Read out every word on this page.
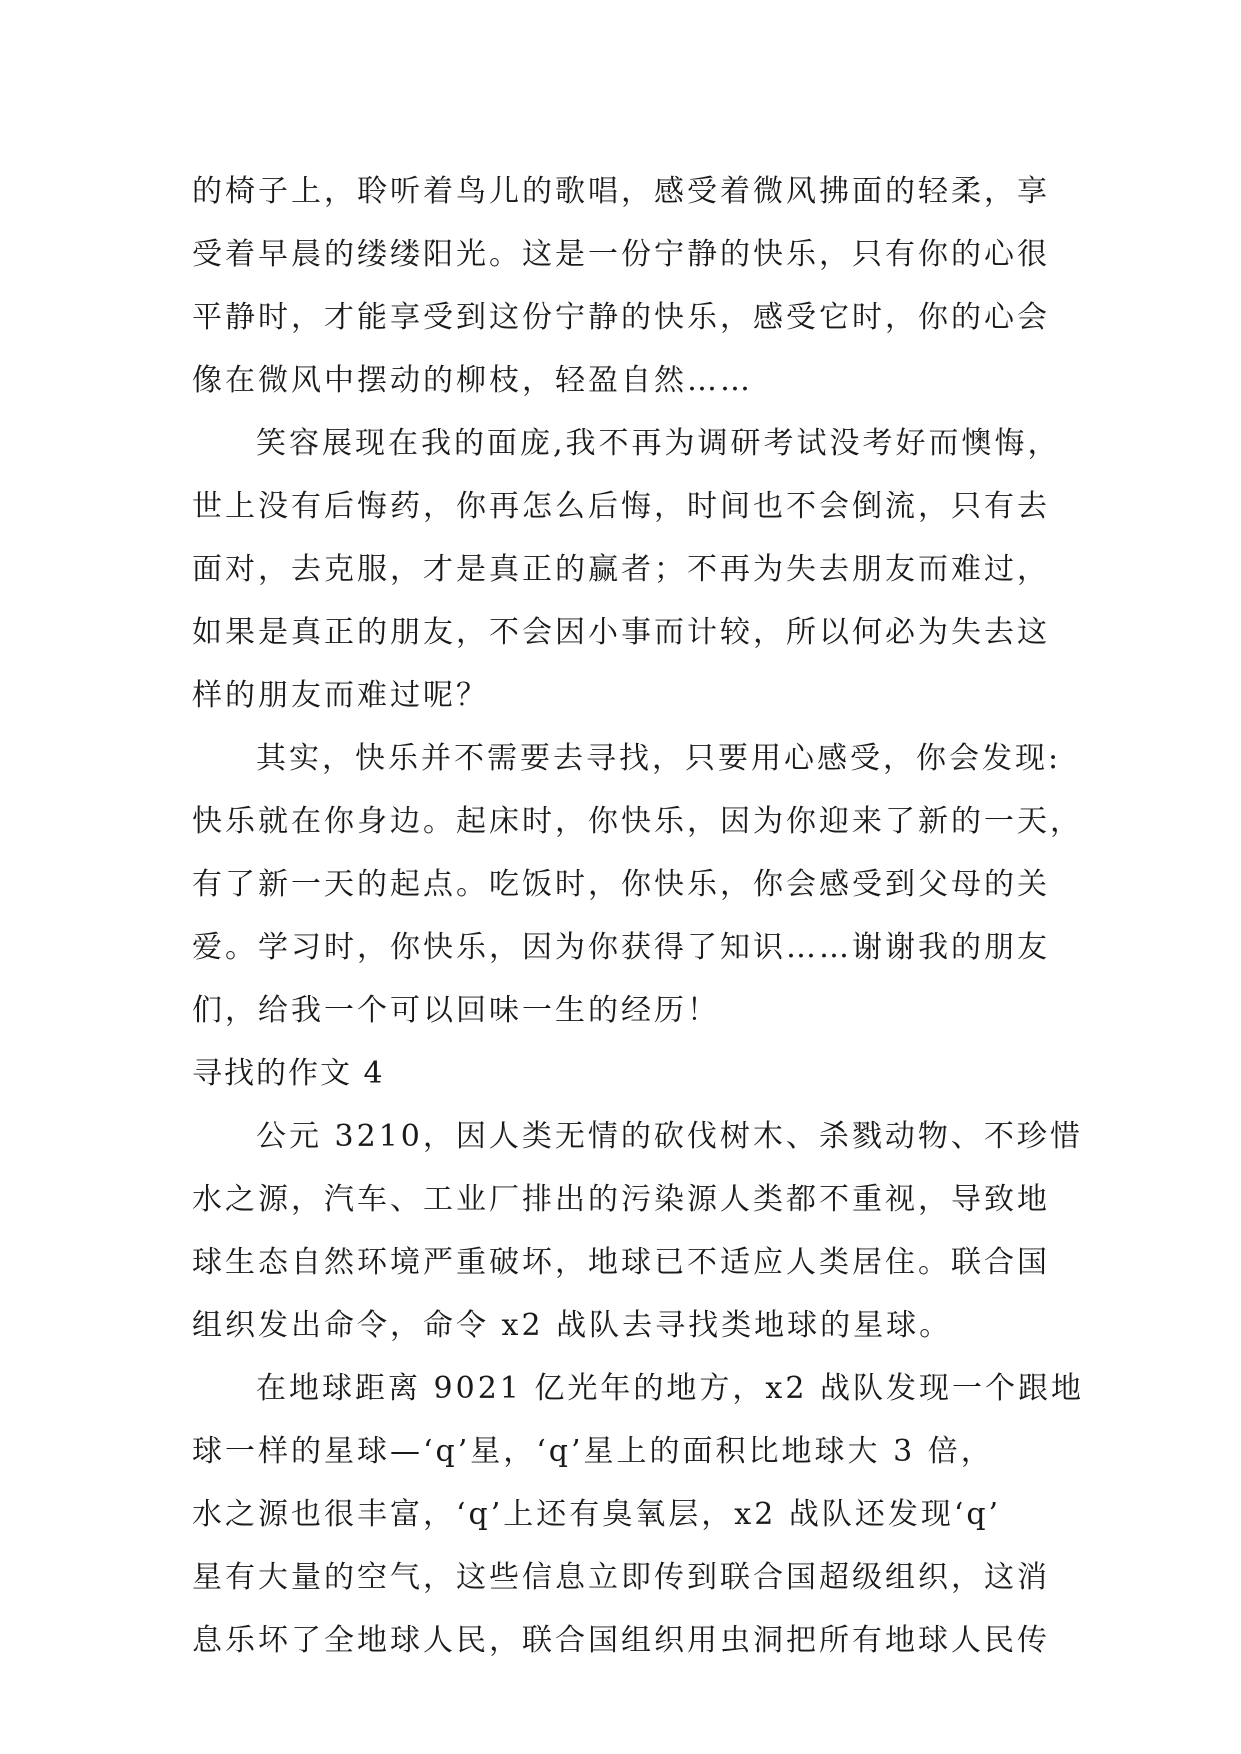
的椅子上，聆听着鸟儿的歌唱，感受着微风拂面的轻柔，享
受着早晨的缕缕阳光。这是一份宁静的快乐，只有你的心很
平静时，才能享受到这份宁静的快乐，感受它时，你的心会
像在微风中摆动的柳枝，轻盈自然……
笑容展现在我的面庞,我不再为调研考试没考好而懊悔，
世上没有后悔药，你再怎么后悔，时间也不会倒流，只有去
面对，去克服，才是真正的赢者；不再为失去朋友而难过，
如果是真正的朋友，不会因小事而计较，所以何必为失去这
样的朋友而难过呢？
其实，快乐并不需要去寻找，只要用心感受，你会发现:
快乐就在你身边。起床时，你快乐，因为你迎来了新的一天，
有了新一天的起点。吃饭时，你快乐，你会感受到父母的关
爱。学习时，你快乐，因为你获得了知识……谢谢我的朋友
们，给我一个可以回味一生的经历！
寻找的作文 4
公元 3210，因人类无情的砍伐树木、杀戮动物、不珍惜
水之源，汽车、工业厂排出的污染源人类都不重视，导致地
球生态自然环境严重破坏，地球已不适应人类居住。联合国
组织发出命令，命令 x2 战队去寻找类地球的星球。
在地球距离 9021 亿光年的地方，x2 战队发现一个跟地
球一样的星球—‘q’星，‘q’星上的面积比地球大 3 倍，
水之源也很丰富，‘q’上还有臭氧层，x2 战队还发现‘q’
星有大量的空气，这些信息立即传到联合国超级组织，这消
息乐坏了全地球人民，联合国组织用虫洞把所有地球人民传
